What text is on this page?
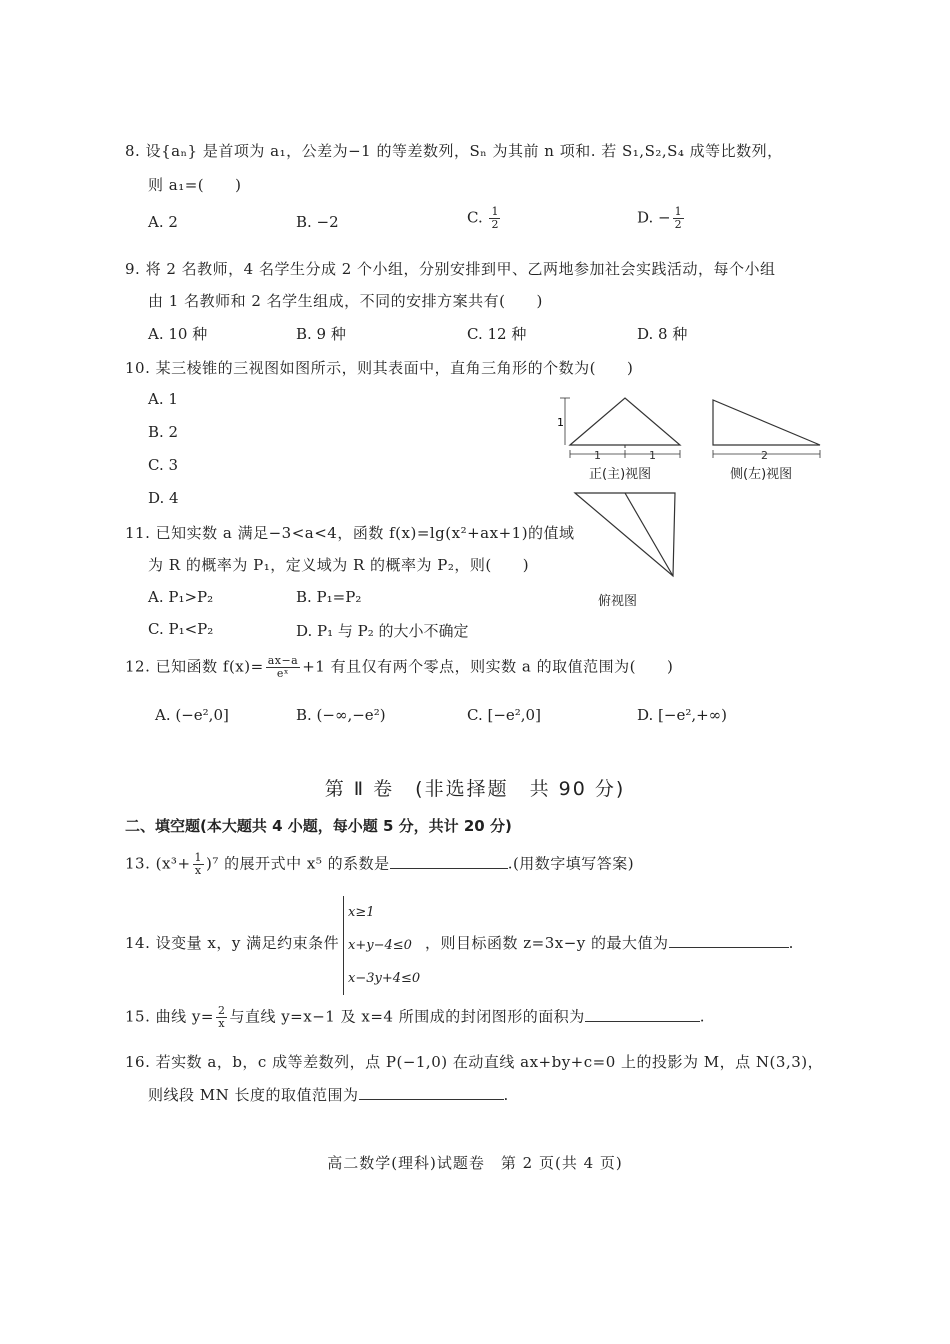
8. 设{aₙ} 是首项为 a₁，公差为−1 的等差数列，Sₙ 为其前 n 项和. 若 S₁,S₂,S₄ 成等比数列，
则 a₁=(　　)
A. 2	B. −2	C. $\frac{1}{2}$	D. − $\frac{1}{2}$
9. 将 2 名教师，4 名学生分成 2 个小组，分别安排到甲、乙两地参加社会实践活动，每个小组
由 1 名教师和 2 名学生组成，不同的安排方案共有(　　)
A. 10 种	B. 9 种	C. 12 种	D. 8 种
10. 某三棱锥的三视图如图所示，则其表面中，直角三角形的个数为(　　)
A. 1
B. 2
C. 3
D. 4
1
1	1	2
正(主)视图	侧(左)视图
俯视图
11. 已知实数 a 满足−3<a<4，函数 f(x)=lg(x²+ax+1)的值域
为 R 的概率为 P₁，定义域为 R 的概率为 P₂，则(　　)
A. P₁>P₂	B. P₁=P₂
C. P₁<P₂	D. P₁ 与 P₂ 的大小不确定
12. 已知函数 $f(x)= \frac{ax-a}{\text{eˣ}} +1$ 有且仅有两个零点，则实数 a 的取值范围为(　　)
A. (−e²,0]	B. (−∞,−e²)	C. [−e²,0]	D. [−e²,+∞)
第 Ⅱ 卷　(非选择题　共 90 分)
二、填空题(本大题共 4 小题，每小题 5 分，共计 20 分)
13. $(x^3+ \frac{1}{x} )^7$ 的展开式中 x⁵ 的系数是	.(用数字填写答案)
14. 设变量 x，y 满足约束条件
x≥1
x+y−4≤0
x−3y+4≤0
，则目标函数 z=3x−y 的最大值为	.
15. 曲线 $y= \frac{2}{x}$ 与直线 y=x−1 及 x=4 所围成的封闭图形的面积为	.
16. 若实数 a，b，c 成等差数列，点 P(−1,0) 在动直线 ax+by+c=0 上的投影为 M，点 N(3,3)，
则线段 MN 长度的取值范围为	.
高二数学(理科)试题卷　第 2 页(共 4 页)
